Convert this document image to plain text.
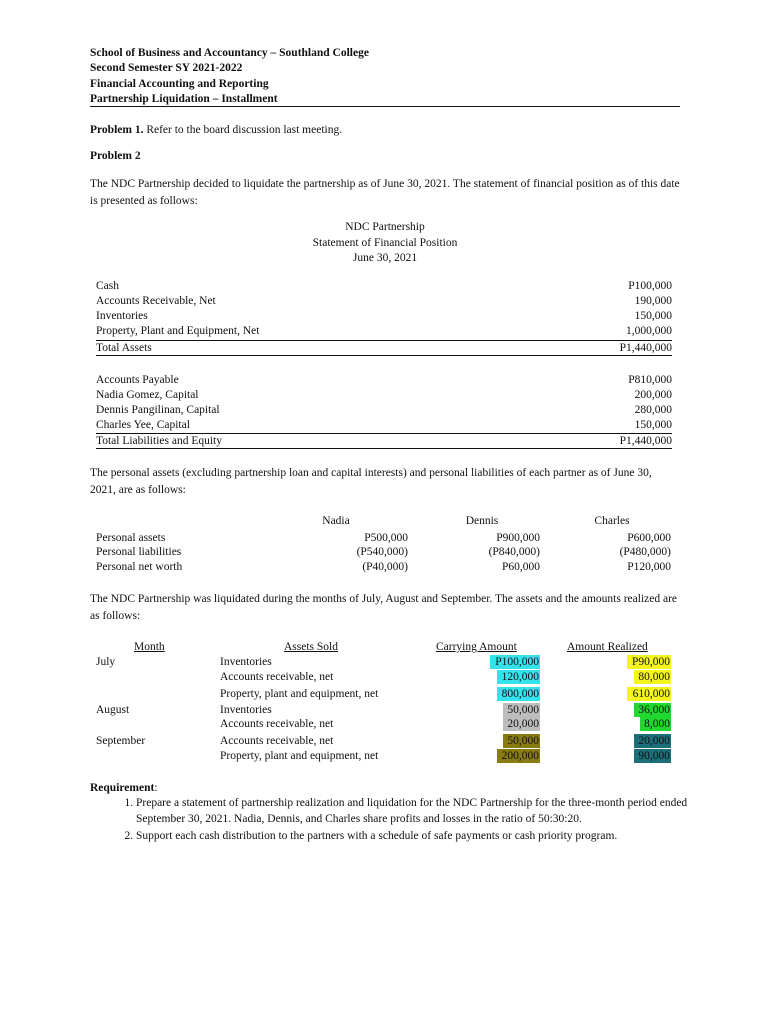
School of Business and Accountancy – Southland College
Second Semester SY 2021-2022
Financial Accounting and Reporting
Partnership Liquidation – Installment
Problem 1. Refer to the board discussion last meeting.
Problem 2
The NDC Partnership decided to liquidate the partnership as of June 30, 2021. The statement of financial position as of this date is presented as follows:
NDC Partnership
Statement of Financial Position
June 30, 2021
Cash	P100,000
Accounts Receivable, Net	190,000
Inventories	150,000
Property, Plant and Equipment, Net	1,000,000
Total Assets	P1,440,000
Accounts Payable	P810,000
Nadia Gomez, Capital	200,000
Dennis Pangilinan, Capital	280,000
Charles Yee, Capital	150,000
Total Liabilities and Equity	P1,440,000
The personal assets (excluding partnership loan and capital interests) and personal liabilities of each partner as of June 30, 2021, are as follows:
Nadia	Dennis	Charles
Personal assets	P500,000	P900,000	P600,000
Personal liabilities	(P540,000)	(P840,000)	(P480,000)
Personal net worth	(P40,000)	P60,000	P120,000
The NDC Partnership was liquidated during the months of July, August and September. The assets and the amounts realized are as follows:
Month	Assets Sold	Carrying Amount	Amount Realized
July	Inventories	P100,000	P90,000
Accounts receivable, net	120,000	80,000
Property, plant and equipment, net	800,000	610,000
August	Inventories	50,000	36,000
Accounts receivable, net	20,000	8,000
September	Accounts receivable, net	50,000	20,000
Property, plant and equipment, net	200,000	90,000
Requirement:
1. Prepare a statement of partnership realization and liquidation for the NDC Partnership for the three-month period ended September 30, 2021. Nadia, Dennis, and Charles share profits and losses in the ratio of 50:30:20.
2. Support each cash distribution to the partners with a schedule of safe payments or cash priority program.
